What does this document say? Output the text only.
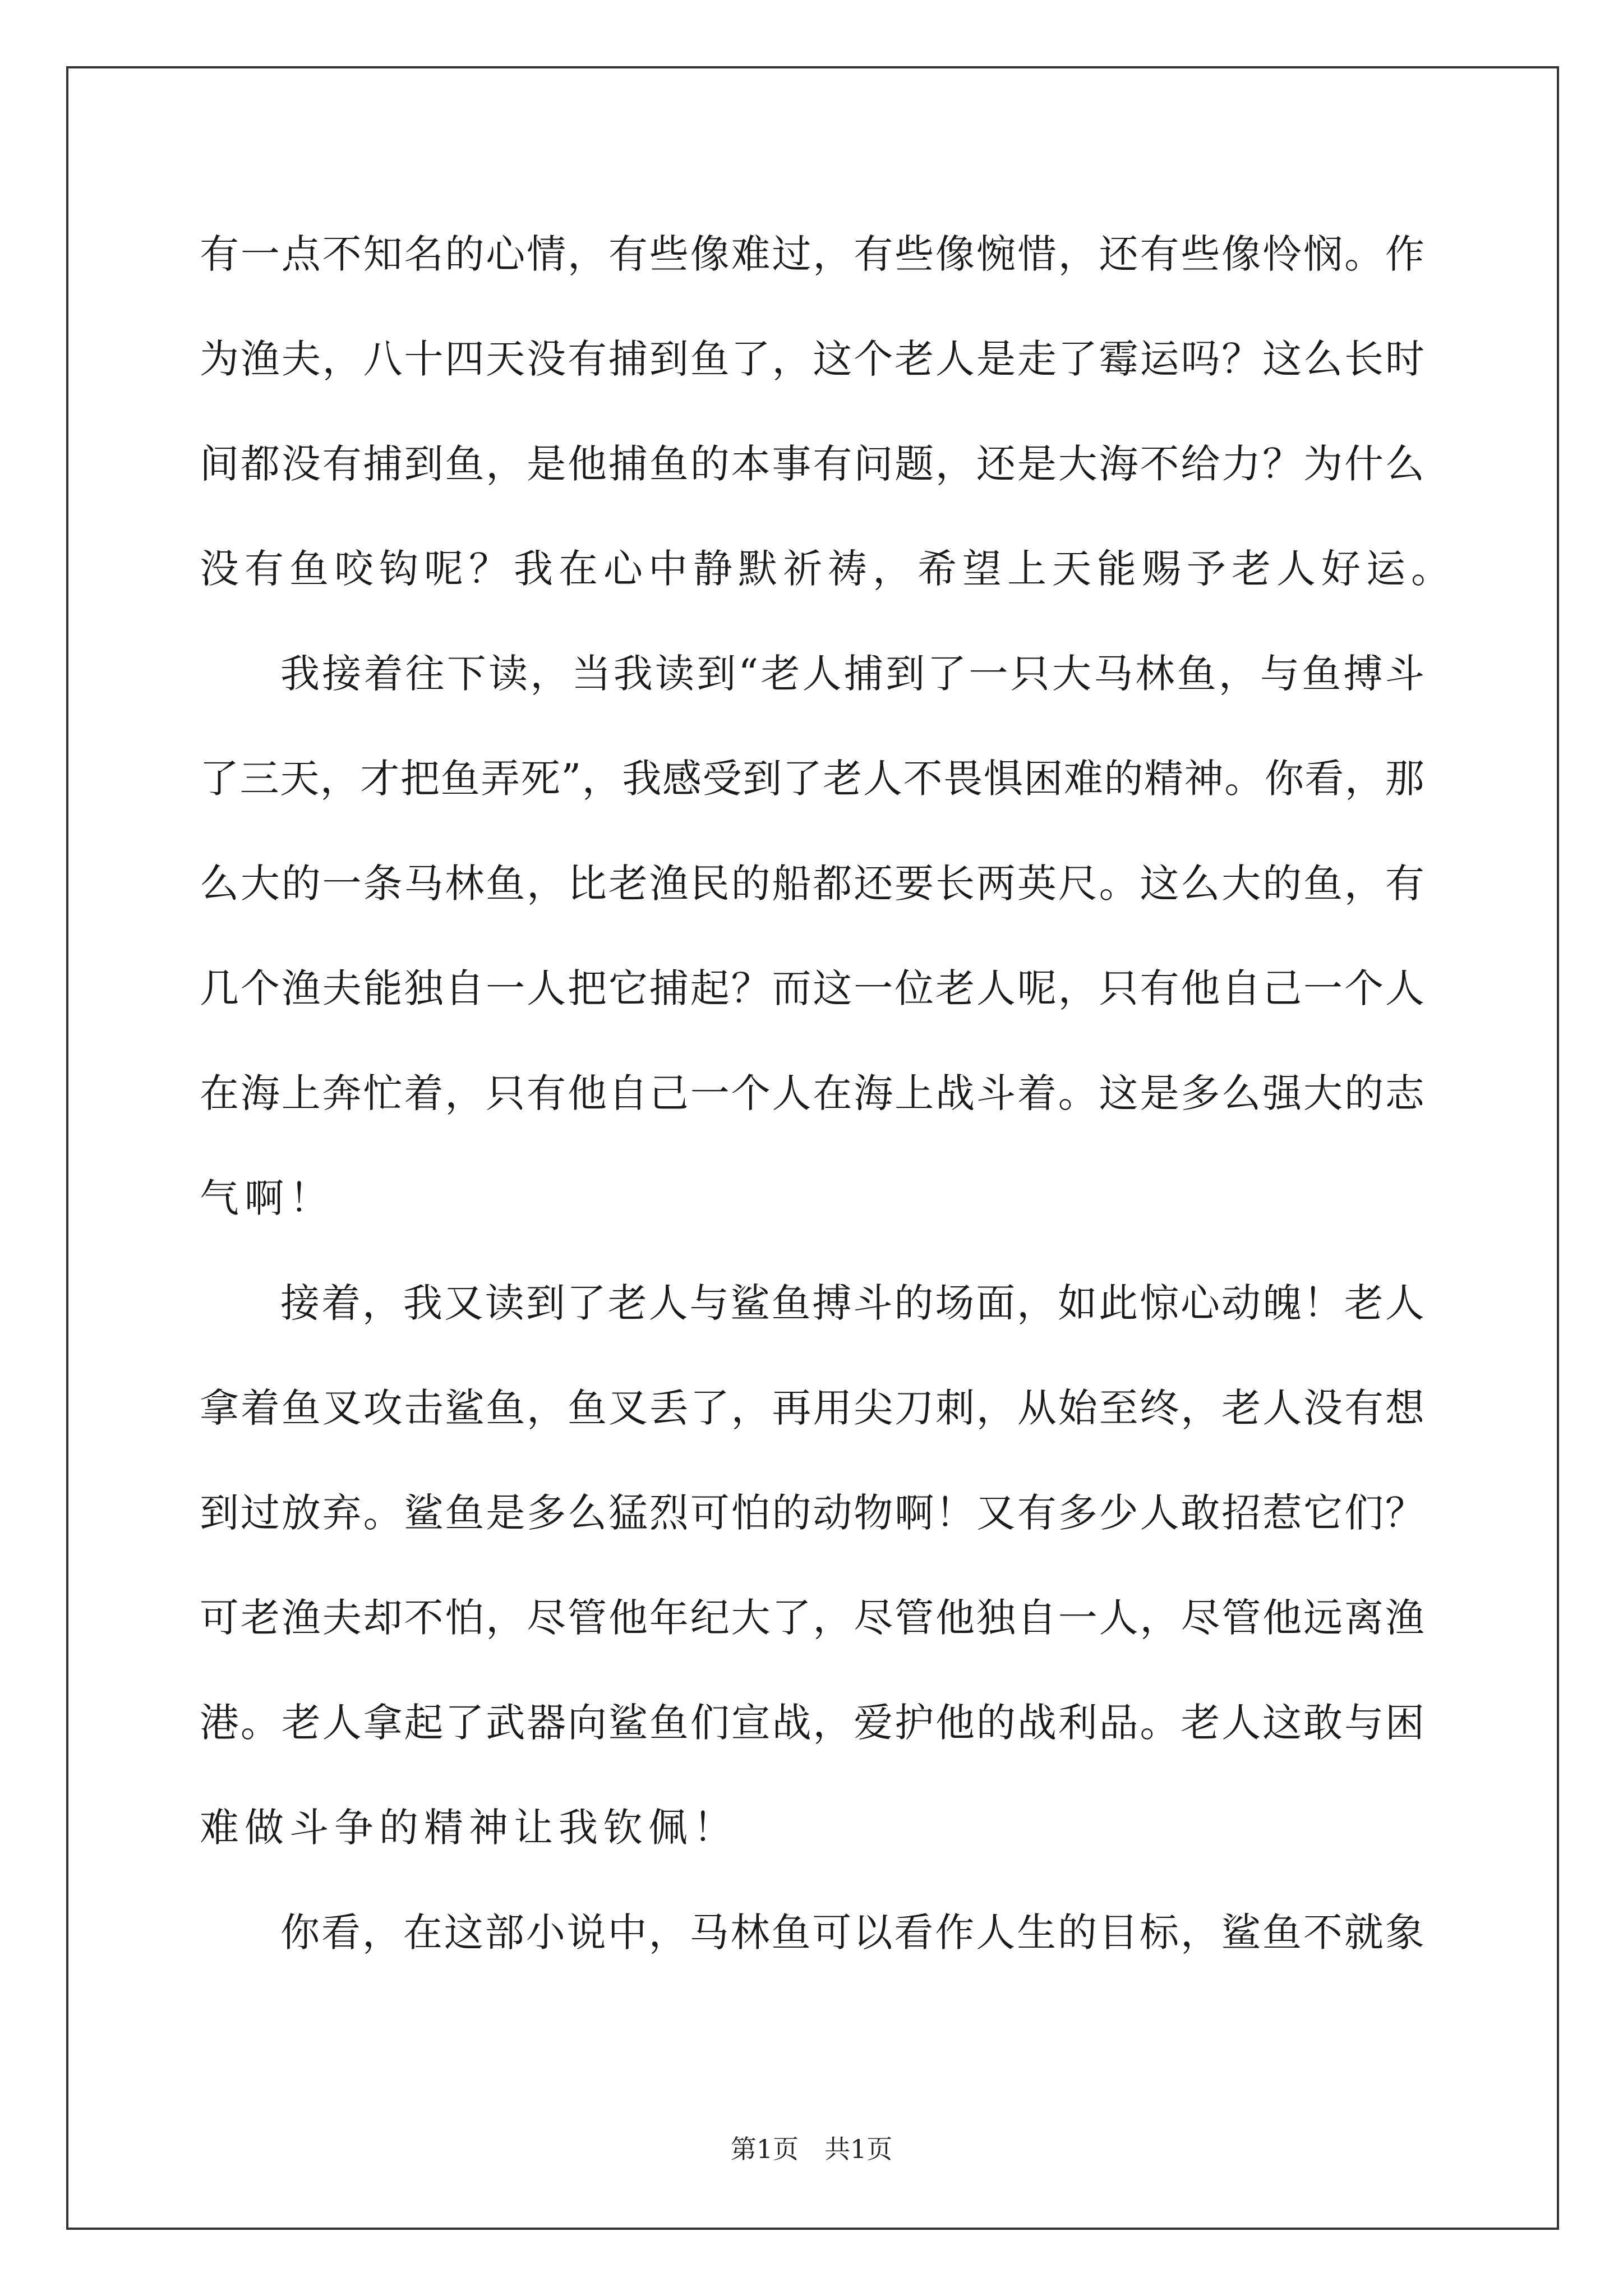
有 一 点 不 知 名 的 心 情 ， 有 些 像 难 过 ， 有 些 像 惋 惜 ， 还 有 些 像 怜 悯 。 作
为 渔 夫 ， 八 十 四 天 没 有 捕 到 鱼 了 ， 这 个 老 人 是 走 了 霉 运 吗 ？ 这 么 长 时
间 都 没 有 捕 到 鱼 ， 是 他 捕 鱼 的 本 事 有 问 题 ， 还 是 大 海 不 给 力 ？ 为 什 么
没有鱼咬钩呢？我在心中静默祈祷，希望上天能赐予老人好运。
我 接 着 往 下 读 ， 当 我 读 到 “ 老 人 捕 到 了 一 只 大 马 林 鱼 ， 与 鱼 搏 斗
了 三 天 ， 才 把 鱼 弄 死 ” ， 我 感 受 到 了 老 人 不 畏 惧 困 难 的 精 神 。 你 看 ， 那
么 大 的 一 条 马 林 鱼 ， 比 老 渔 民 的 船 都 还 要 长 两 英 尺 。 这 么 大 的 鱼 ， 有
几 个 渔 夫 能 独 自 一 人 把 它 捕 起 ？ 而 这 一 位 老 人 呢 ， 只 有 他 自 己 一 个 人
在 海 上 奔 忙 着 ， 只 有 他 自 己 一 个 人 在 海 上 战 斗 着 。 这 是 多 么 强 大 的 志
气啊！
接 着 ， 我 又 读 到 了 老 人 与 鲨 鱼 搏 斗 的 场 面 ， 如 此 惊 心 动 魄 ！ 老 人
拿 着 鱼 叉 攻 击 鲨 鱼 ， 鱼 叉 丢 了 ， 再 用 尖 刀 刺 ， 从 始 至 终 ， 老 人 没 有 想
到 过 放 弃 。 鲨 鱼 是 多 么 猛 烈 可 怕 的 动 物 啊 ！ 又 有 多 少 人 敢 招 惹 它 们 ？
可 老 渔 夫 却 不 怕 ， 尽 管 他 年 纪 大 了 ， 尽 管 他 独 自 一 人 ， 尽 管 他 远 离 渔
港 。 老 人 拿 起 了 武 器 向 鲨 鱼 们 宣 战 ， 爱 护 他 的 战 利 品 。 老 人 这 敢 与 困
难做斗争的精神让我钦佩！
你 看 ， 在 这 部 小 说 中 ， 马 林 鱼 可 以 看 作 人 生 的 目 标 ， 鲨 鱼 不 就 象
第1页　共1页
